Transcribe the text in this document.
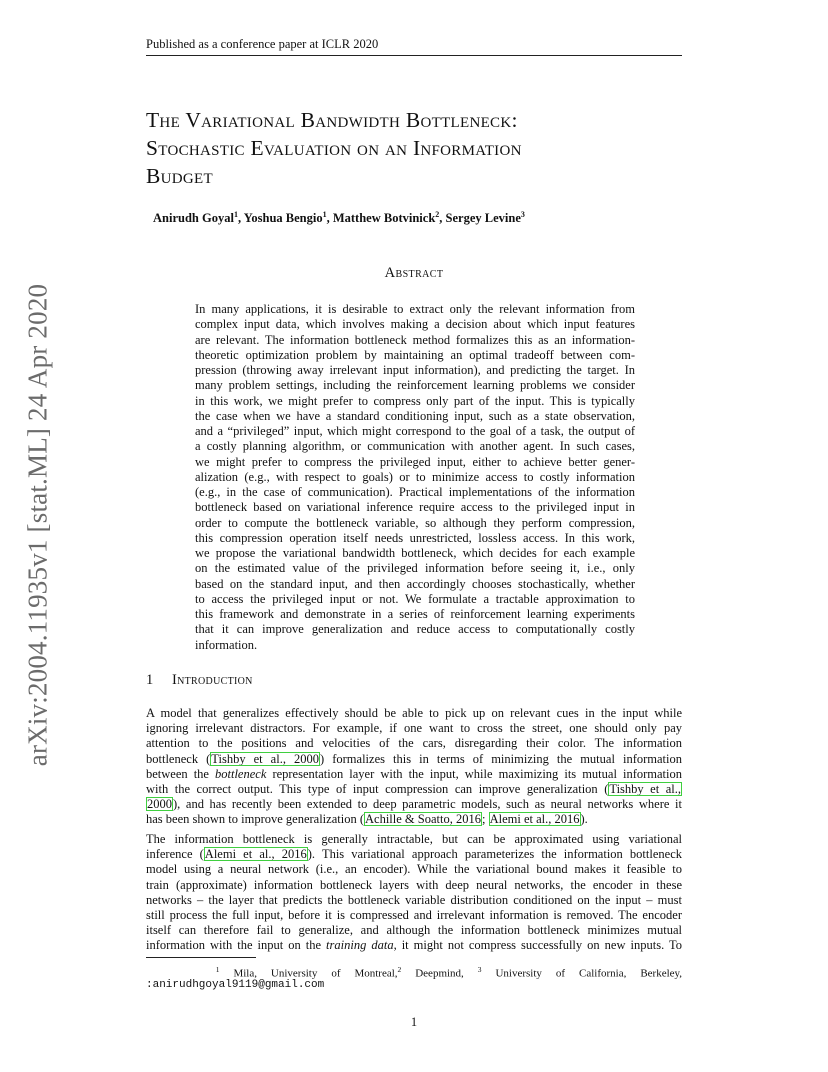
Published as a conference paper at ICLR 2020
arXiv:2004.11935v1 [stat.ML] 24 Apr 2020
The Variational Bandwidth Bottleneck:
Stochastic Evaluation on an Information
Budget
Anirudh Goyal$^1$, Yoshua Bengio$^1$, Matthew Botvinick$^2$, Sergey Levine$^3$
Abstract
In many applications, it is desirable to extract only the relevant information from
complex input data, which involves making a decision about which input features
are relevant. The information bottleneck method formalizes this as an information-
theoretic optimization problem by maintaining an optimal tradeoff between com-
pression (throwing away irrelevant input information), and predicting the target. In
many problem settings, including the reinforcement learning problems we consider
in this work, we might prefer to compress only part of the input. This is typically
the case when we have a standard conditioning input, such as a state observation,
and a “privileged” input, which might correspond to the goal of a task, the output of
a costly planning algorithm, or communication with another agent. In such cases,
we might prefer to compress the privileged input, either to achieve better gener-
alization (e.g., with respect to goals) or to minimize access to costly information
(e.g., in the case of communication). Practical implementations of the information
bottleneck based on variational inference require access to the privileged input in
order to compute the bottleneck variable, so although they perform compression,
this compression operation itself needs unrestricted, lossless access. In this work,
we propose the variational bandwidth bottleneck, which decides for each example
on the estimated value of the privileged information before seeing it, i.e., only
based on the standard input, and then accordingly chooses stochastically, whether
to access the privileged input or not. We formulate a tractable approximation to
this framework and demonstrate in a series of reinforcement learning experiments
that it can improve generalization and reduce access to computationally costly
information.
1 Introduction
A model that generalizes effectively should be able to pick up on relevant cues in the input while
ignoring irrelevant distractors. For example, if one want to cross the street, one should only pay
attention to the positions and velocities of the cars, disregarding their color. The information
bottleneck (Tishby et al., 2000) formalizes this in terms of minimizing the mutual information
between the bottleneck representation layer with the input, while maximizing its mutual information
with the correct output. This type of input compression can improve generalization (Tishby et al.,
2000), and has recently been extended to deep parametric models, such as neural networks where it
has been shown to improve generalization (Achille & Soatto, 2016; Alemi et al., 2016).
The information bottleneck is generally intractable, but can be approximated using variational
inference (Alemi et al., 2016). This variational approach parameterizes the information bottleneck
model using a neural network (i.e., an encoder). While the variational bound makes it feasible to
train (approximate) information bottleneck layers with deep neural networks, the encoder in these
networks – the layer that predicts the bottleneck variable distribution conditioned on the input – must
still process the full input, before it is compressed and irrelevant information is removed. The encoder
itself can therefore fail to generalize, and although the information bottleneck minimizes mutual
information with the input on the training data, it might not compress successfully on new inputs. To
$^1$ Mila, University of Montreal,$^2$ Deepmind, $^3$ University of California, Berkeley,
:anirudhgoyal9119@gmail.com
1
